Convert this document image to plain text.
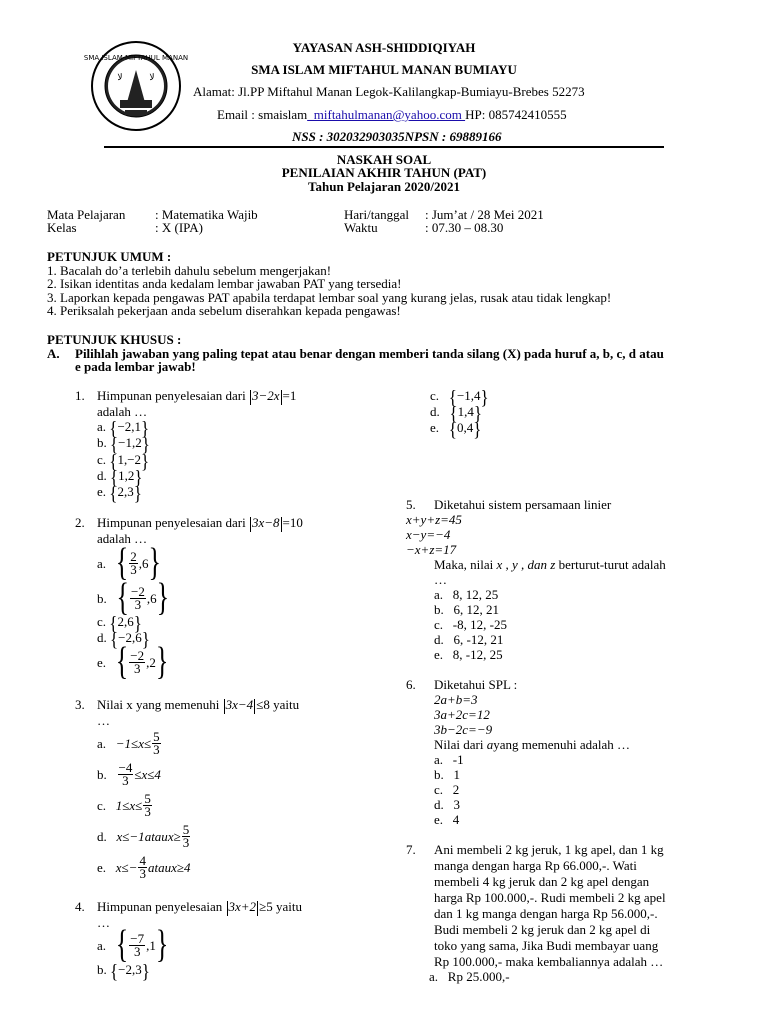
SMA ISLAM MIFTAHUL MANAN
ﻻ	ﻻ
YAYASAN ASH-SHIDDIQIYAH
SMA ISLAM MIFTAHUL MANAN BUMIAYU
Alamat: Jl.PP Miftahul Manan Legok-Kalilangkap-Bumiayu-Brebes 52273
Email : smaislam_miftahulmanan@yahoo.com HP: 085742410555
NSS : 302032903035NPSN : 69889166
NASKAH SOAL
PENILAIAN AKHIR TAHUN (PAT)
Tahun Pelajaran 2020/2021
Mata Pelajaran : Matematika Wajib
Kelas	: X (IPA)
Hari/tanggal : Jum’at / 28 Mei 2021
Waktu	: 07.30 – 08.30
PETUNJUK UMUM :
1. Bacalah do’a terlebih dahulu sebelum mengerjakan!
2. Isikan identitas anda kedalam lembar jawaban PAT yang tersedia!
3. Laporkan kepada pengawas PAT apabila terdapat lembar soal yang kurang jelas, rusak atau tidak lengkap!
4. Periksalah pekerjaan anda sebelum diserahkan kepada pengawas!
PETUNJUK KHUSUS :
A. Pilihlah jawaban yang paling tepat atau benar dengan memberi tanda silang (X) pada huruf a, b, c, d atau
e pada lembar jawab!
1. Himpunan penyelesaian dari 3−2x =1
adalah …
a. {−2,1}
b. {−1,2}
c. {1,−2}
d. {1,2}
e. {2,3}
2. Himpunan penyelesaian dari 3x−8 =10
adalah …
a.
{ $\frac{2}{3} ,6$ }
b.
{ $\frac{-2}{3} ,6$ }
c. {2,6}
d. {−2,6}
e.
{ $\frac{-2}{3} ,2$ }
3. Nilai x yang memenuhi 3x−4 ≤8 yaitu
…
a.
$-1\le x\le \frac{5}{3}$
b.
$\frac{-4}{3} \le x\le 4$
c.
$1\le x\le \frac{5}{3}$
d.
x≤−1 atau $x\ge \frac{5}{3}$
e.
$x\le- \frac{4}{3}$ atau x≥4
4. Himpunan penyelesaian 3x+2 ≥5 yaitu
…
a.
{ $\frac{-7}{3} ,1$ }
b. {−2,3}
c. {−1,4}
d. {1,4}
e. {0,4}
5. Diketahui sistem persamaan linier
x+y+z=45
x−y=−4
−x+z=17
Maka, nilai x , y , dan z berturut-turut adalah
…
a. 8, 12, 25
b. 6, 12, 21
c. -8, 12, -25
d. 6, -12, 21
e. 8, -12, 25
6. Diketahui SPL :
2a+b=3
3a+2c=12
3b−2c=−9
Nilai dari ayang memenuhi adalah …
a. -1
b. 1
c. 2
d. 3
e. 4
7. Ani membeli 2 kg jeruk, 1 kg apel, dan 1 kg
manga dengan harga Rp 66.000,-. Wati
membeli 4 kg jeruk dan 2 kg apel dengan
harga Rp 100.000,-. Rudi membeli 2 kg apel
dan 1 kg manga dengan harga Rp 56.000,-.
Budi membeli 2 kg jeruk dan 2 kg apel di
toko yang sama, Jika Budi membayar uang
Rp 100.000,- maka kembaliannya adalah …
a. Rp 25.000,-
